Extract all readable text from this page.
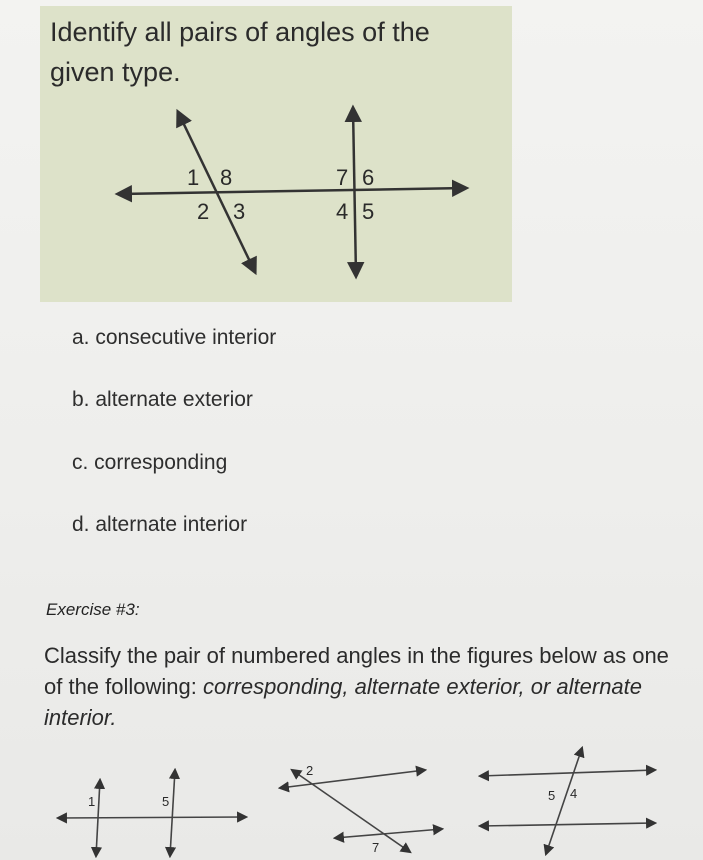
Identify all pairs of angles of the given type.
1 8
2 3
7 6
4 5
1	5
2
7
5 4
a. consecutive interior
b. alternate exterior
c. corresponding
d. alternate interior
Exercise #3:

Classify the pair of numbered angles in the figures below as one
of the following: corresponding, alternate exterior, or alternate
interior.
